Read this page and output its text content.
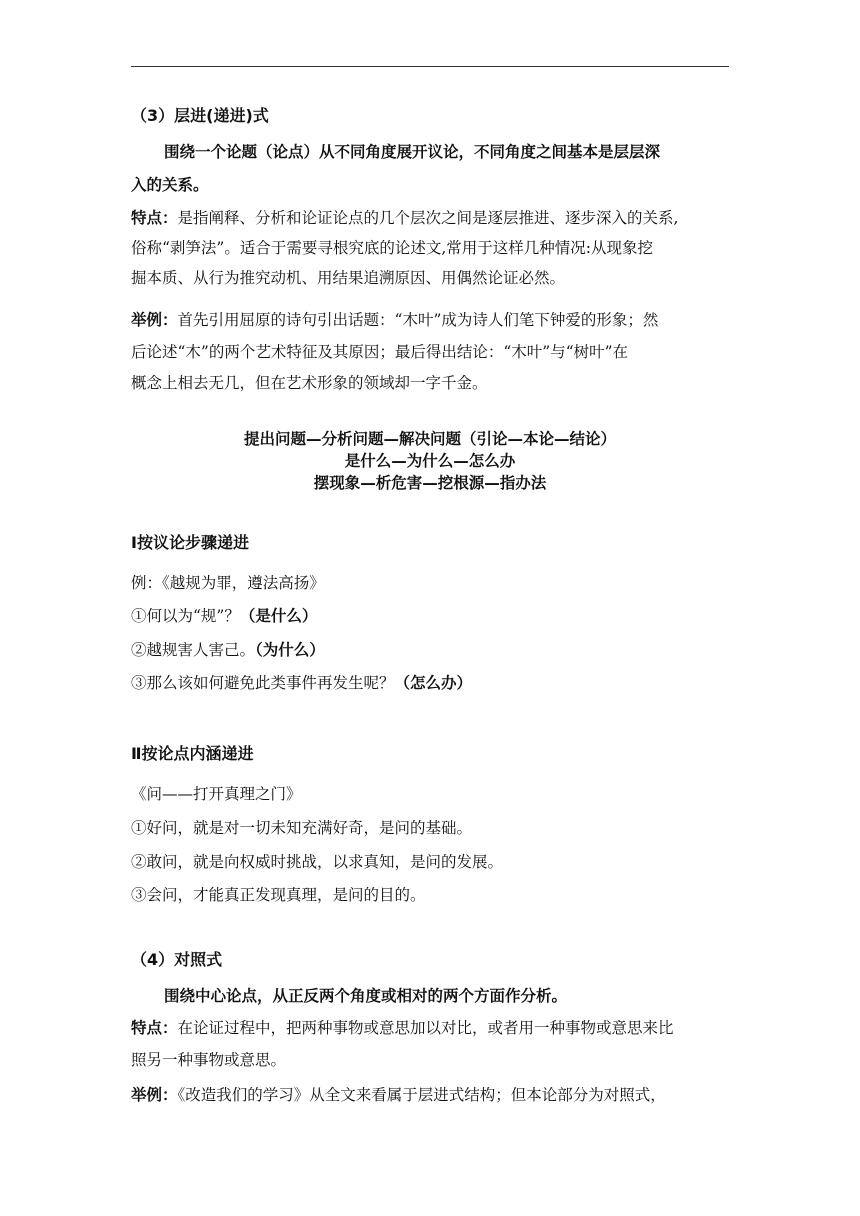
（3）层进(递进)式
围绕一个论题（论点）从不同角度展开议论，不同角度之间基本是层层深
入的关系。
特点：是指阐释、分析和论证论点的几个层次之间是逐层推进、逐步深入的关系,
俗称“剥笋法”。适合于需要寻根究底的论述文,常用于这样几种情况:从现象挖
掘本质、从行为推究动机、用结果追溯原因、用偶然论证必然。
举例：首先引用屈原的诗句引出话题：“木叶”成为诗人们笔下钟爱的形象；然
后论述“木”的两个艺术特征及其原因；最后得出结论：“木叶”与“树叶”在
概念上相去无几，但在艺术形象的领域却一字千金。
提出问题—分析问题—解决问题（引论—本论—结论）
是什么—为什么—怎么办
摆现象—析危害—挖根源—指办法
Ⅰ按议论步骤递进
例：《越规为罪，遵法高扬》
①何以为“规”？（是什么）
②越规害人害己。（为什么）
③那么该如何避免此类事件再发生呢？（怎么办）
Ⅱ按论点内涵递进
《问——打开真理之门》
①好问，就是对一切未知充满好奇，是问的基础。
②敢问，就是向权威时挑战，以求真知，是问的发展。
③会问，才能真正发现真理，是问的目的。
（4）对照式
围绕中心论点，从正反两个角度或相对的两个方面作分析。
特点：在论证过程中，把两种事物或意思加以对比，或者用一种事物或意思来比
照另一种事物或意思。
举例：《改造我们的学习》从全文来看属于层进式结构；但本论部分为对照式，
